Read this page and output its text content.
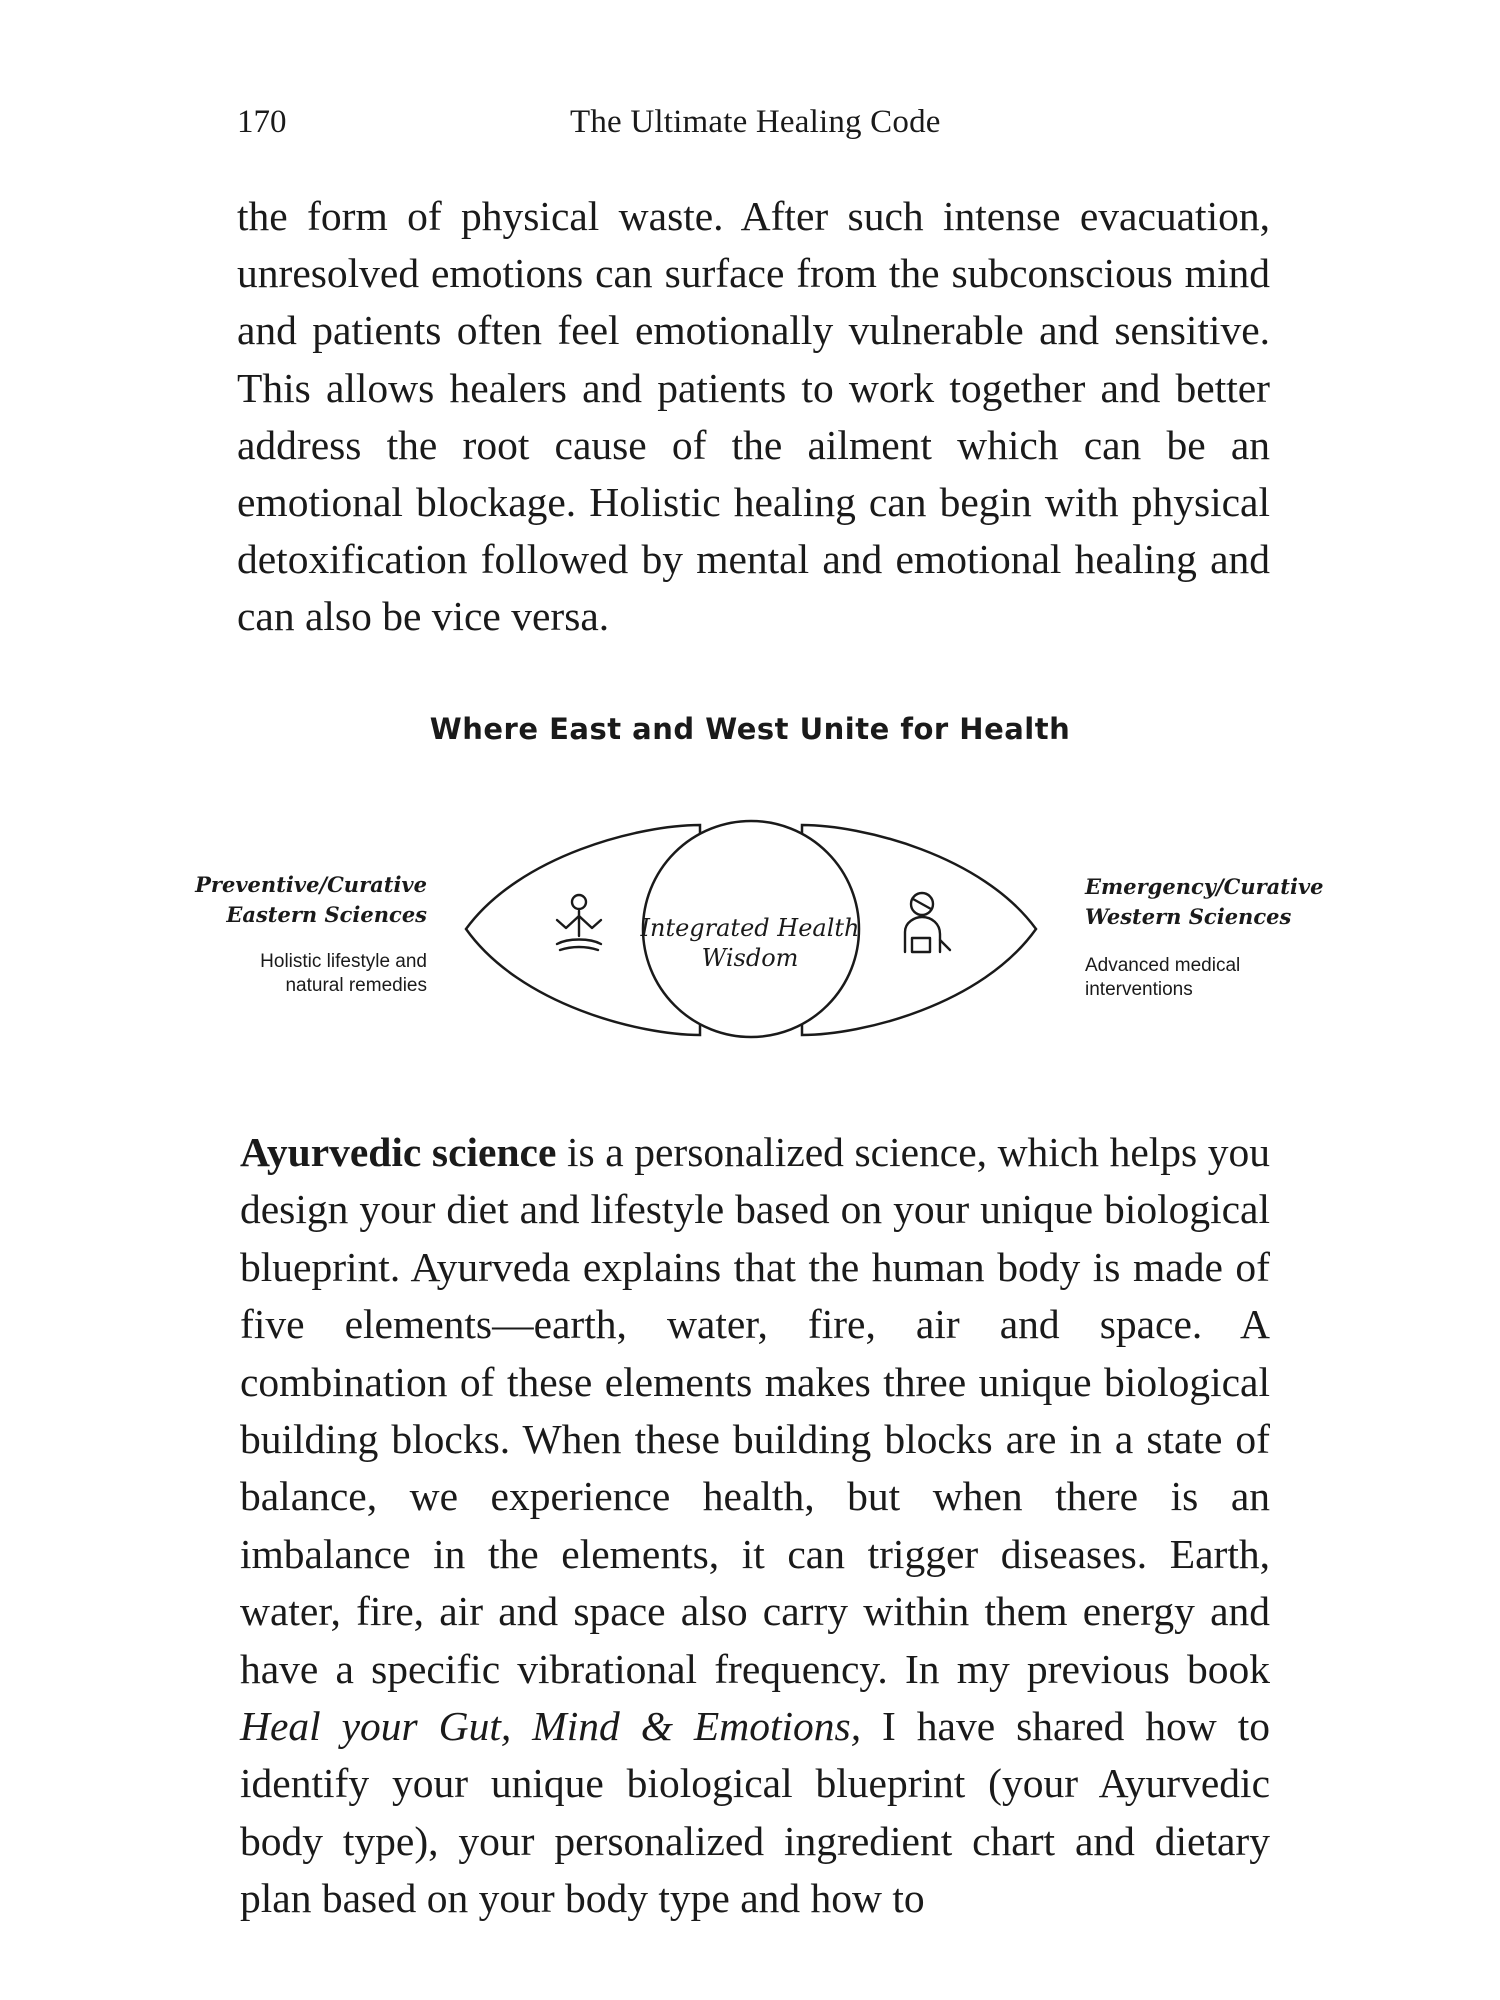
170	The Ultimate Healing Code

the form of physical waste. After such intense evacuation, unresolved emotions can surface from the subconscious mind and patients often feel emotionally vulnerable and sensitive. This allows healers and patients to work together and better address the root cause of the ailment which can be an emotional blockage. Holistic healing can begin with physical detoxification followed by mental and emotional healing and can also be vice versa.

Where East and West Unite for Health
Preventive/Curative
Eastern Sciences
Holistic lifestyle and
natural remedies
Integrated Health
Wisdom
Emergency/Curative
Western Sciences
Advanced medical
interventions

Ayurvedic science is a personalized science, which helps you design your diet and lifestyle based on your unique biological blueprint. Ayurveda explains that the human body is made of five elements—earth, water, fire, air and space. A combination of these elements makes three unique biological building blocks. When these building blocks are in a state of balance, we experience health, but when there is an imbalance in the elements, it can trigger diseases. Earth, water, fire, air and space also carry within them energy and have a specific vibrational frequency. In my previous book Heal your Gut, Mind & Emotions, I have shared how to identify your unique biological blueprint (your Ayurvedic body type), your personalized ingredient chart and dietary plan based on your body type and how to
